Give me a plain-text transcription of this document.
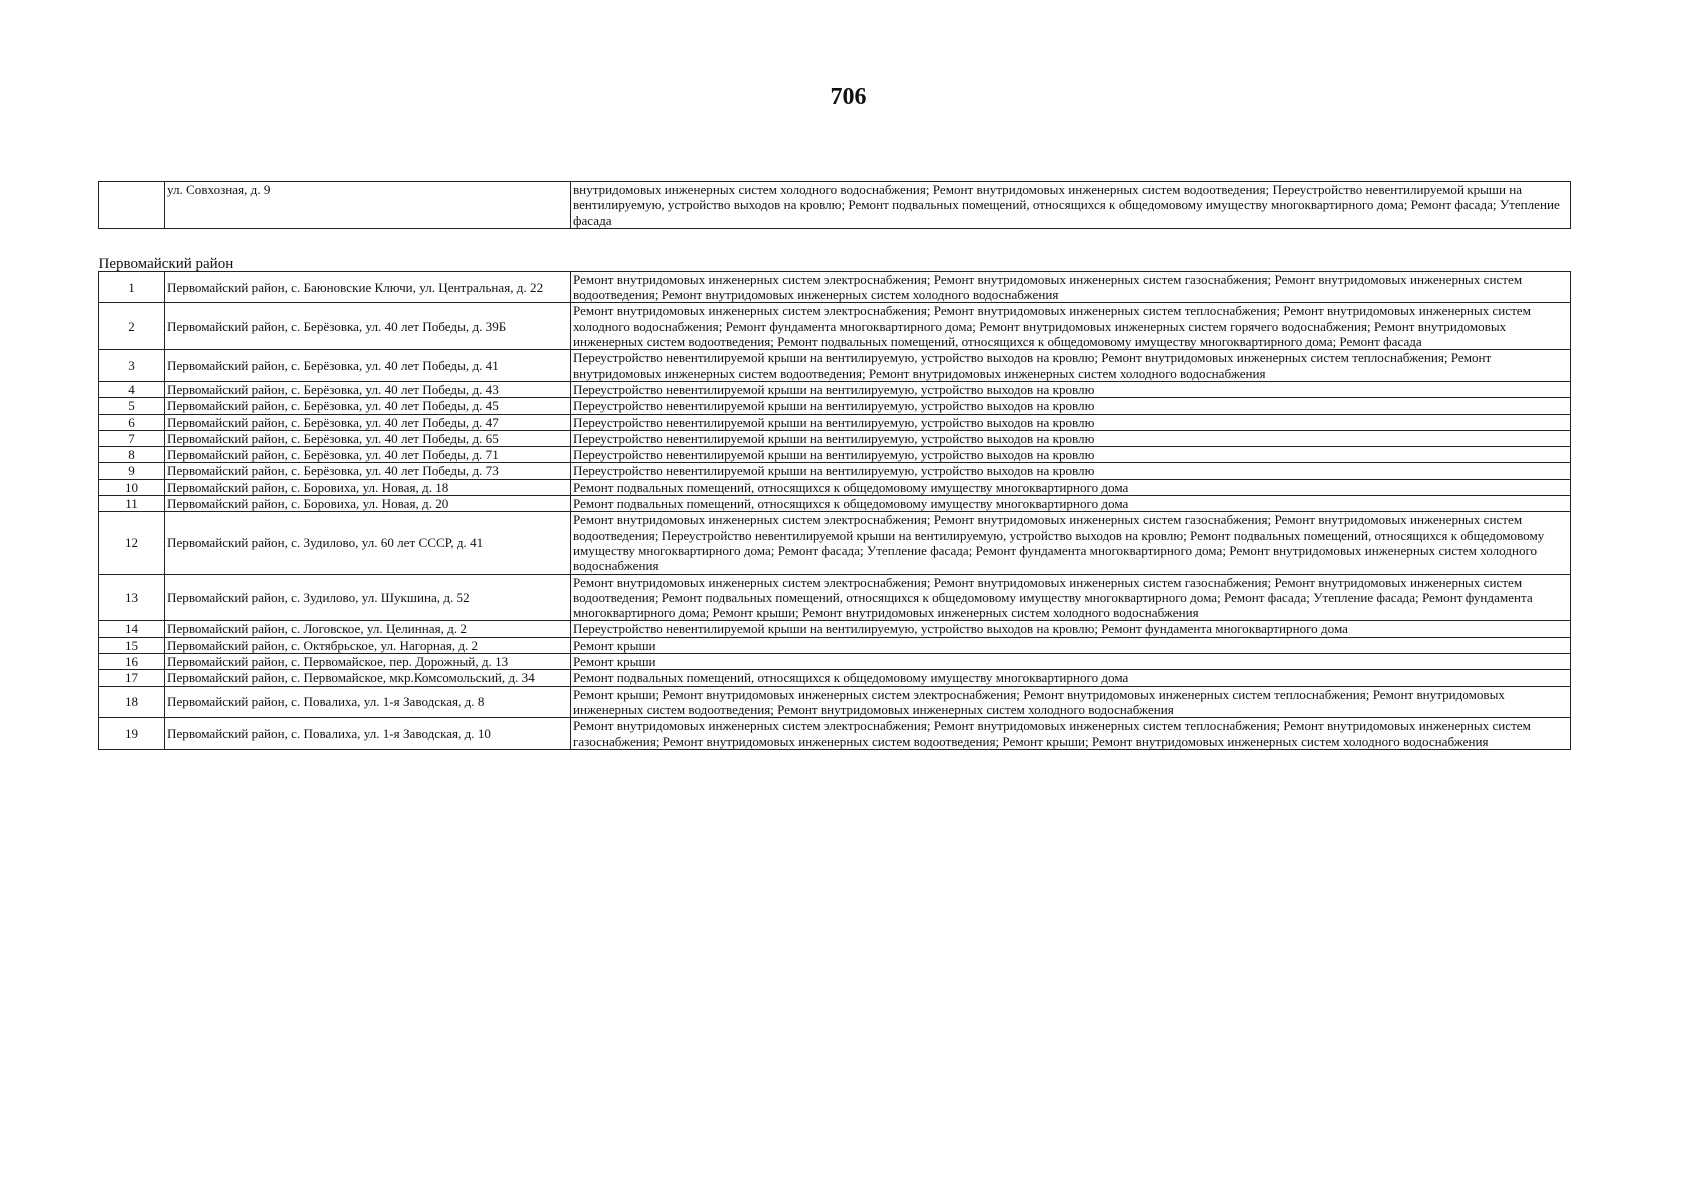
706
	ул. Совхозная, д. 9	внутридомовых инженерных систем холодного водоснабжения; Ремонт внутридомовых инженерных систем водоотведения; Переустройство невентилируемой крыши на вентилируемую, устройство выходов на кровлю; Ремонт подвальных помещений, относящихся к общедомовому имуществу многоквартирного дома; Ремонт фасада; Утепление фасада
Первомайский район		
1	Первомайский район, с. Баюновские Ключи, ул. Центральная, д. 22	Ремонт внутридомовых инженерных систем электроснабжения; Ремонт внутридомовых инженерных систем газоснабжения; Ремонт внутридомовых инженерных систем водоотведения; Ремонт внутридомовых инженерных систем холодного водоснабжения
2	Первомайский район, с. Берёзовка, ул. 40 лет Победы, д. 39Б	Ремонт внутридомовых инженерных систем электроснабжения; Ремонт внутридомовых инженерных систем теплоснабжения; Ремонт внутридомовых инженерных систем холодного водоснабжения; Ремонт фундамента многоквартирного дома; Ремонт внутридомовых инженерных систем горячего водоснабжения; Ремонт внутридомовых инженерных систем водоотведения; Ремонт подвальных помещений, относящихся к общедомовому имуществу многоквартирного дома; Ремонт фасада
3	Первомайский район, с. Берёзовка, ул. 40 лет Победы, д. 41	Переустройство невентилируемой крыши на вентилируемую, устройство выходов на кровлю; Ремонт внутридомовых инженерных систем теплоснабжения; Ремонт внутридомовых инженерных систем водоотведения; Ремонт внутридомовых инженерных систем холодного водоснабжения
4	Первомайский район, с. Берёзовка, ул. 40 лет Победы, д. 43	Переустройство невентилируемой крыши на вентилируемую, устройство выходов на кровлю
5	Первомайский район, с. Берёзовка, ул. 40 лет Победы, д. 45	Переустройство невентилируемой крыши на вентилируемую, устройство выходов на кровлю
6	Первомайский район, с. Берёзовка, ул. 40 лет Победы, д. 47	Переустройство невентилируемой крыши на вентилируемую, устройство выходов на кровлю
7	Первомайский район, с. Берёзовка, ул. 40 лет Победы, д. 65	Переустройство невентилируемой крыши на вентилируемую, устройство выходов на кровлю
8	Первомайский район, с. Берёзовка, ул. 40 лет Победы, д. 71	Переустройство невентилируемой крыши на вентилируемую, устройство выходов на кровлю
9	Первомайский район, с. Берёзовка, ул. 40 лет Победы, д. 73	Переустройство невентилируемой крыши на вентилируемую, устройство выходов на кровлю
10	Первомайский район, с. Боровиха, ул. Новая, д. 18	Ремонт подвальных помещений, относящихся к общедомовому имуществу многоквартирного дома
11	Первомайский район, с. Боровиха, ул. Новая, д. 20	Ремонт подвальных помещений, относящихся к общедомовому имуществу многоквартирного дома
12	Первомайский район, с. Зудилово, ул. 60 лет СССР, д. 41	Ремонт внутридомовых инженерных систем электроснабжения; Ремонт внутридомовых инженерных систем газоснабжения; Ремонт внутридомовых инженерных систем водоотведения; Переустройство невентилируемой крыши на вентилируемую, устройство выходов на кровлю; Ремонт подвальных помещений, относящихся к общедомовому имуществу многоквартирного дома; Ремонт фасада; Утепление фасада; Ремонт фундамента многоквартирного дома; Ремонт внутридомовых инженерных систем холодного водоснабжения
13	Первомайский район, с. Зудилово, ул. Шукшина, д. 52	Ремонт внутридомовых инженерных систем электроснабжения; Ремонт внутридомовых инженерных систем газоснабжения; Ремонт внутридомовых инженерных систем водоотведения; Ремонт подвальных помещений, относящихся к общедомовому имуществу многоквартирного дома; Ремонт фасада; Утепление фасада; Ремонт фундамента многоквартирного дома; Ремонт крыши; Ремонт внутридомовых инженерных систем холодного водоснабжения
14	Первомайский район, с. Логовское, ул. Целинная, д. 2	Переустройство невентилируемой крыши на вентилируемую, устройство выходов на кровлю; Ремонт фундамента многоквартирного дома
15	Первомайский район, с. Октябрьское, ул. Нагорная, д. 2	Ремонт крыши
16	Первомайский район, с. Первомайское, пер. Дорожный, д. 13	Ремонт крыши
17	Первомайский район, с. Первомайское, мкр.Комсомольский, д. 34	Ремонт подвальных помещений, относящихся к общедомовому имуществу многоквартирного дома
18	Первомайский район, с. Повалиха, ул. 1-я Заводская, д. 8	Ремонт крыши; Ремонт внутридомовых инженерных систем электроснабжения; Ремонт внутридомовых инженерных систем теплоснабжения; Ремонт внутридомовых инженерных систем водоотведения; Ремонт внутридомовых инженерных систем холодного водоснабжения
19	Первомайский район, с. Повалиха, ул. 1-я Заводская, д. 10	Ремонт внутридомовых инженерных систем электроснабжения; Ремонт внутридомовых инженерных систем теплоснабжения; Ремонт внутридомовых инженерных систем газоснабжения; Ремонт внутридомовых инженерных систем водоотведения; Ремонт крыши; Ремонт внутридомовых инженерных систем холодного водоснабжения
